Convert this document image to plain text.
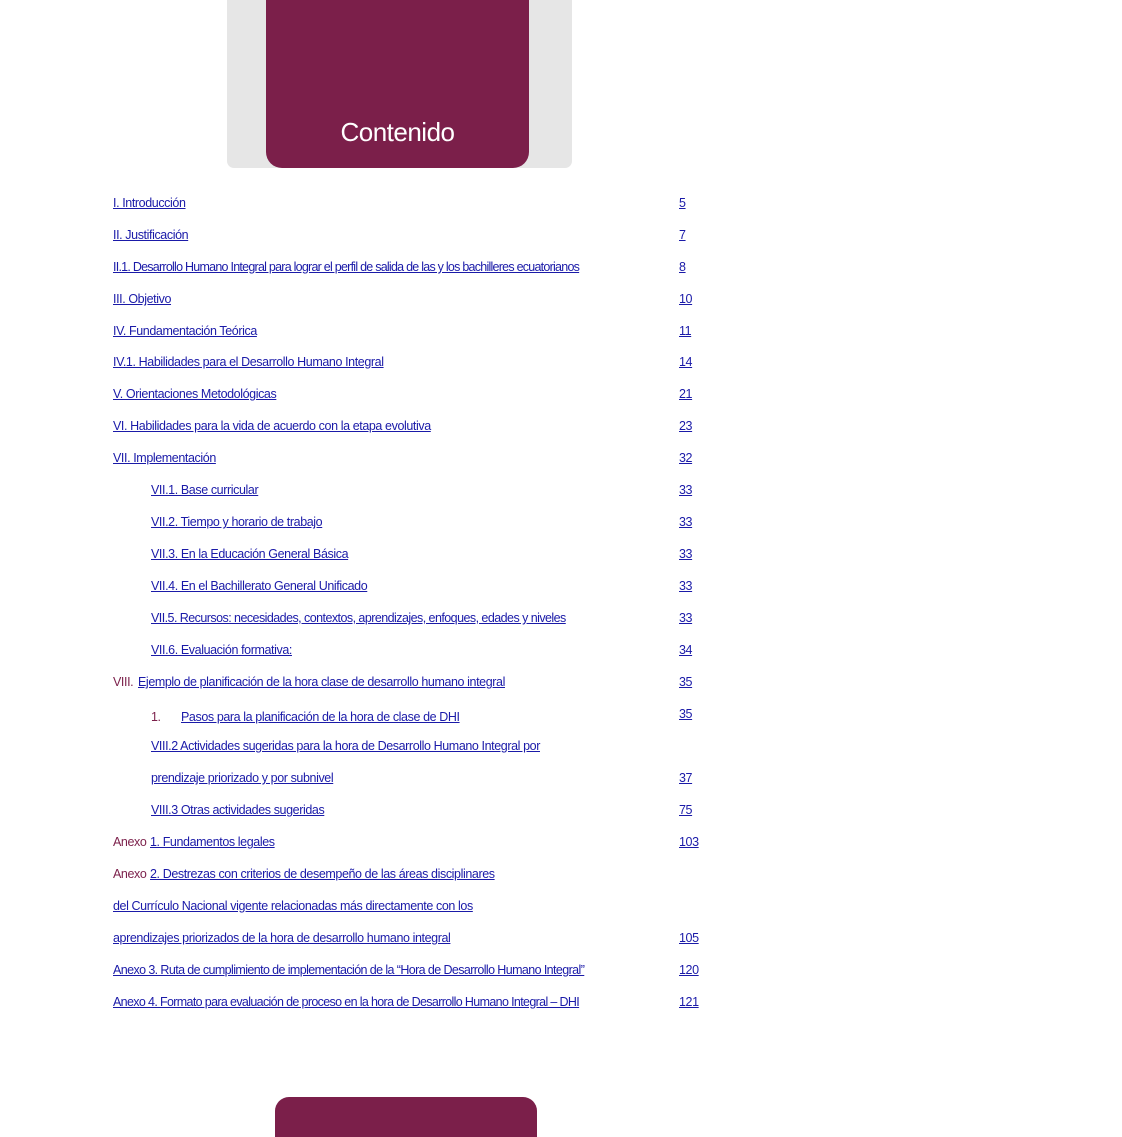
Contenido
I. Introducción	5
II. Justificación	7
II.1. Desarrollo Humano Integral para lograr el perfil de salida de las y los bachilleres ecuatorianos	8
III. Objetivo	10
IV. Fundamentación Teórica	11
IV.1. Habilidades para el Desarrollo Humano Integral	14
V. Orientaciones Metodológicas	21
VI. Habilidades para la vida de acuerdo con la etapa evolutiva	23
VII. Implementación	32
VII.1. Base curricular	33
VII.2. Tiempo y horario de trabajo	33
VII.3. En la Educación General Básica	33
VII.4. En el Bachillerato General Unificado	33
VII.5. Recursos: necesidades, contextos, aprendizajes, enfoques, edades y niveles	33
VII.6. Evaluación formativa:	34
VIII. Ejemplo de planificación de la hora clase de desarrollo humano integral	35
1. Pasos para la planificación de la hora de clase de DHI	35
VIII.2 Actividades sugeridas para la hora de Desarrollo Humano Integral por
prendizaje priorizado y por subnivel	37
VIII.3 Otras actividades sugeridas	75
Anexo 1. Fundamentos legales	103
Anexo 2. Destrezas con criterios de desempeño de las áreas disciplinares
del Currículo Nacional vigente relacionadas más directamente con los
aprendizajes priorizados de la hora de desarrollo humano integral	105
Anexo 3. Ruta de cumplimiento de implementación de la “Hora de Desarrollo Humano Integral”	120
Anexo 4. Formato para evaluación de proceso en la hora de Desarrollo Humano Integral – DHI	121
